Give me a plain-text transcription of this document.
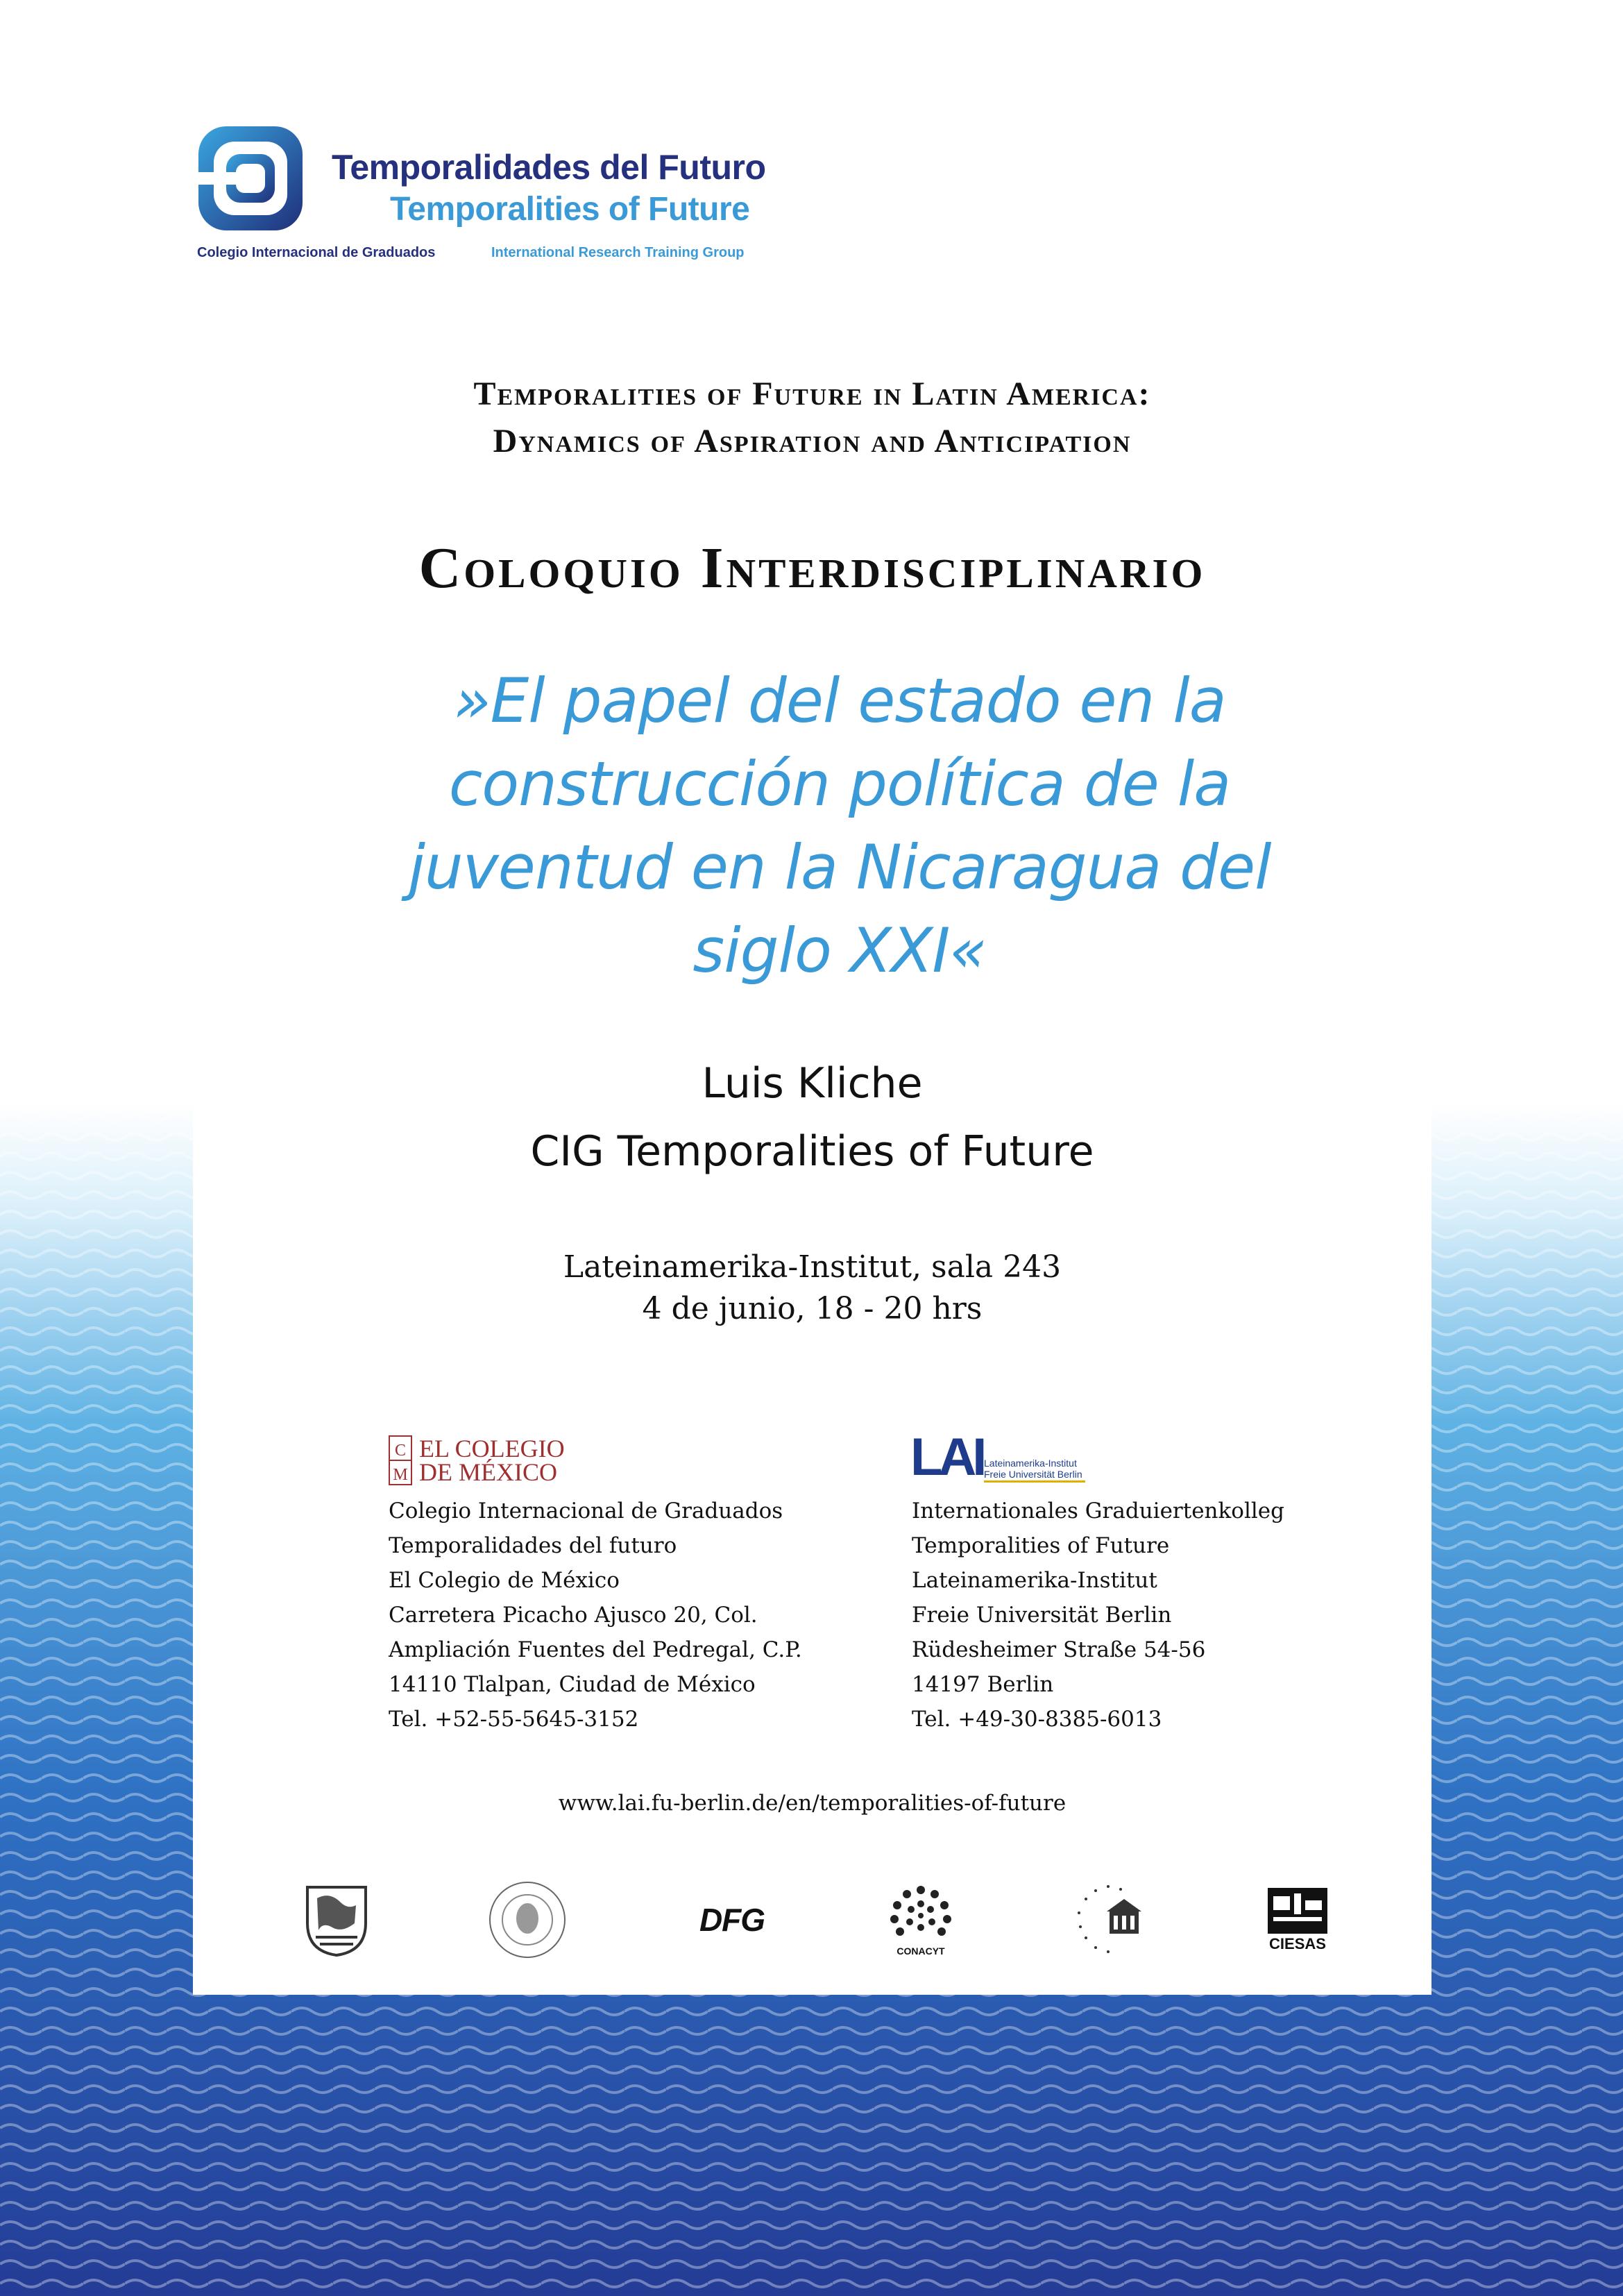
Temporalidades del Futuro
Temporalities of Future
Colegio Internacional de Graduados	International Research Training Group
Temporalities of Future in Latin America:
Dynamics of Aspiration and Anticipation
Coloquio Interdisciplinario
»El papel del estado en la
construcción política de la
juventud en la Nicaragua del
siglo XXI«
Luis Kliche
CIG Temporalities of Future
Lateinamerika-Institut, sala 243
4 de junio, 18 - 20 hrs
C
M
EL COLEGIO
DE MÉXICO
Colegio Internacional de Graduados
Temporalidades del futuro
El Colegio de México
Carretera Picacho Ajusco 20, Col.
Ampliación Fuentes del Pedregal, C.P.
14110 Tlalpan, Ciudad de México
Tel. +52-55-5645-3152
LAI Lateinamerika-Institut
Freie Universität Berlin
Internationales Graduiertenkolleg
Temporalities of Future
Lateinamerika-Institut
Freie Universität Berlin
Rüdesheimer Straße 54-56
14197 Berlin
Tel. +49-30-8385-6013
www.lai.fu-berlin.de/en/temporalities-of-future
DFG
CONACYT	CIESAS
